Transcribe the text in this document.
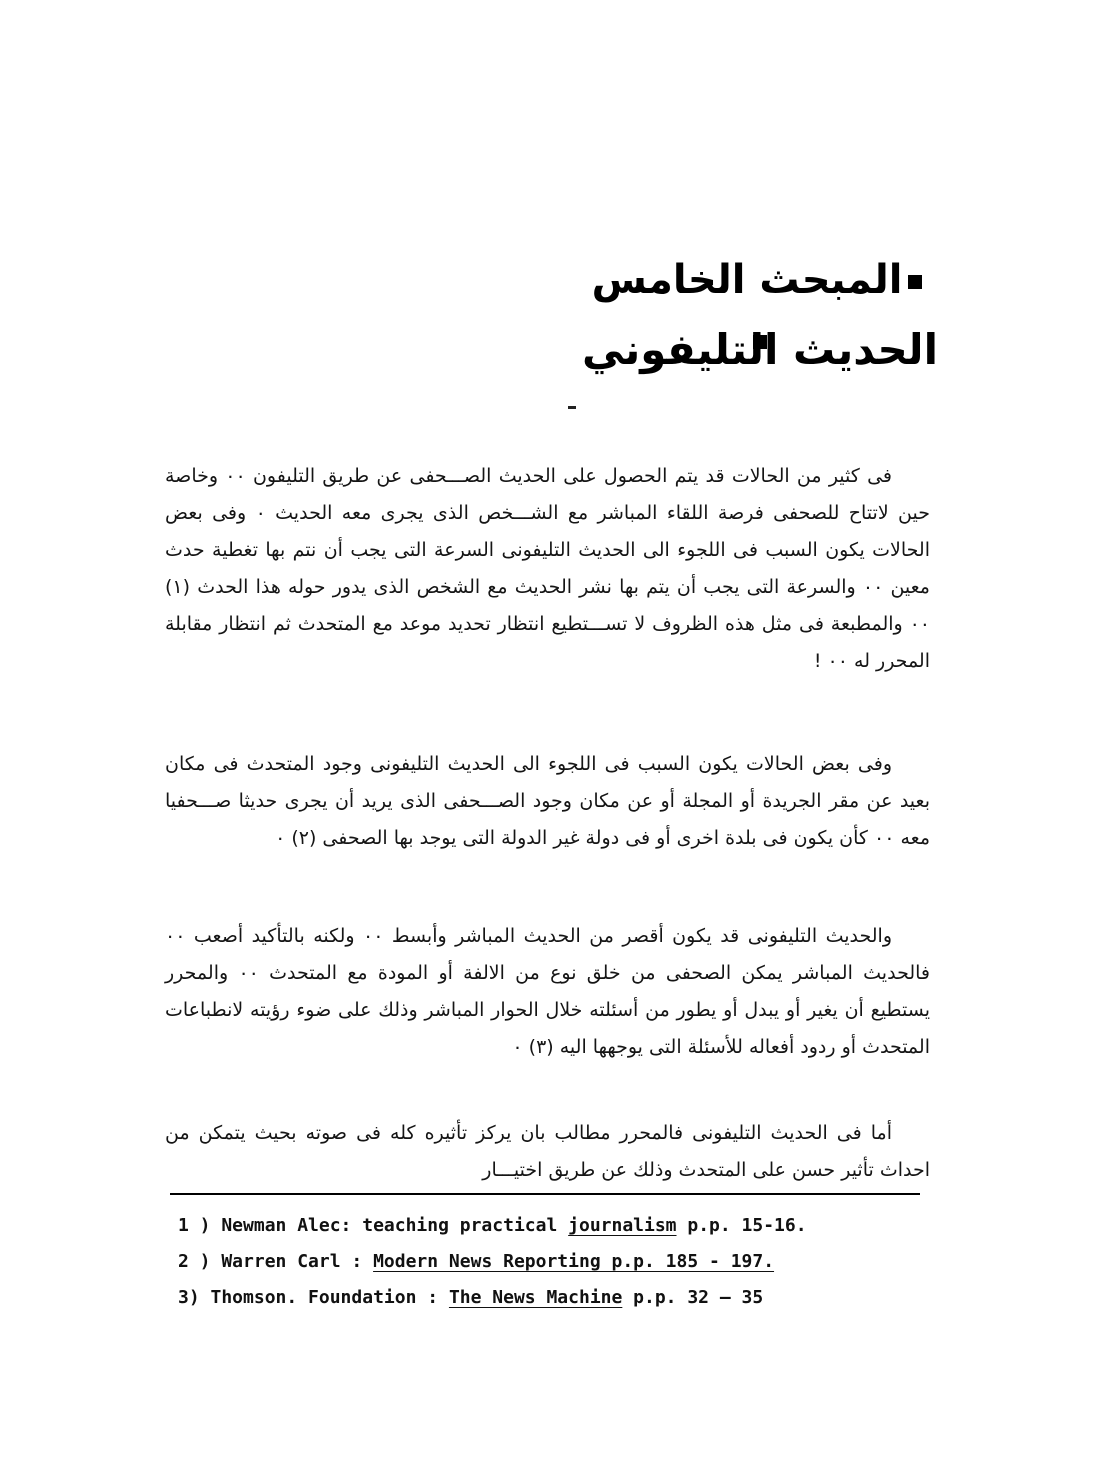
المبحث الخامس
الحديث التليفوني

فى كثير من الحالات قد يتم الحصول على الحديث الصـــحفى عن طريق التليفون ٠٠ وخاصة حين لاتتاح للصحفى فرصة اللقاء المباشر مع الشـــخص الذى يجرى معه الحديث ٠ وفى بعض الحالات يكون السبب فى اللجوء الى الحديث التليفونى السرعة التى يجب أن نتم بها تغطية حدث معين ٠٠ والسرعة التى يجب أن يتم بها نشر الحديث مع الشخص الذى يدور حوله هذا الحدث (١) ٠٠ والمطبعة فى مثل هذه الظروف لا تســـتطيع انتظار تحديد موعد مع المتحدث ثم انتظار مقابلة المحرر له ٠٠ !

وفى بعض الحالات يكون السبب فى اللجوء الى الحديث التليفونى وجود المتحدث فى مكان بعيد عن مقر الجريدة أو المجلة أو عن مكان وجود الصـــحفى الذى يريد أن يجرى حديثا صـــحفيا معه ٠٠ كأن يكون فى بلدة اخرى أو فى دولة غير الدولة التى يوجد بها الصحفى (٢) ٠

والحديث التليفونى قد يكون أقصر من الحديث المباشر وأبسط ٠٠ ولكنه بالتأكيد أصعب ٠٠ فالحديث المباشر يمكن الصحفى من خلق نوع من الالفة أو المودة مع المتحدث ٠٠ والمحرر يستطيع أن يغير أو يبدل أو يطور من أسئلته خلال الحوار المباشر وذلك على ضوء رؤيته لانطباعات المتحدث أو ردود أفعاله للأسئلة التى يوجهها اليه (٣) ٠

أما فى الحديث التليفونى فالمحرر مطالب بان يركز تأثيره كله فى صوته بحيث يتمكن من احداث تأثير حسن على المتحدث وذلك عن طريق اختيـــار

1 ) Newman Alec: teaching practical journalism p.p. 15-16.
2 ) Warren Carl : Modern News Reporting p.p. 185 - 197.
3) Thomson. Foundation : The News Machine p.p. 32 — 35
